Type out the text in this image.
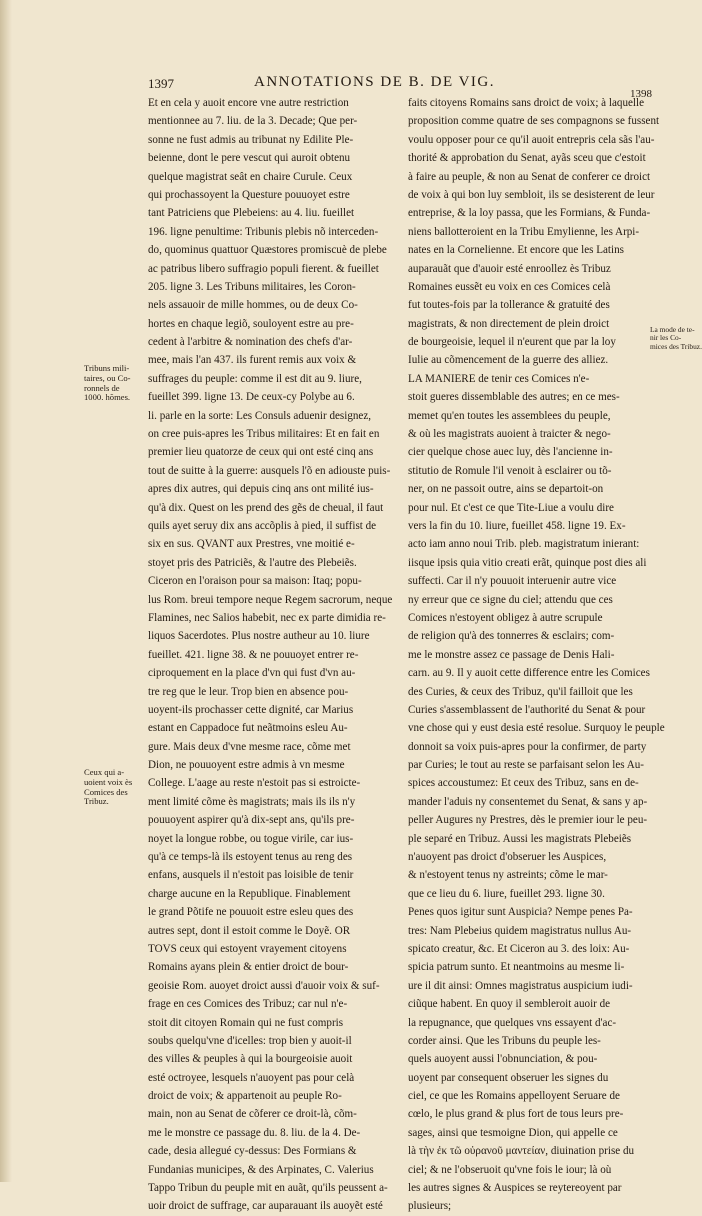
1397	ANNOTATIONS DE B. DE VIG.
1398
Tribuns mili-
taires, ou Co-
ronnels de
1000. hõmes.
Ceux qui a-
uoient voix ès
Comices des
Tribuz.
La mode de te-
nir les Co-
mices des Tribuz.
Et en cela y auoit encore vne autre restriction
mentionnee au 7. liu. de la 3. Decade; Que per-
sonne ne fust admis au tribunat ny Edilite Ple-
beienne, dont le pere vescut qui auroit obtenu
quelque magistrat seât en chaire Curule. Ceux
qui prochassoyent la Questure pouuoyet estre
tant Patriciens que Plebeiens: au 4. liu. fueillet
196. ligne penultime: Tribunis plebis nõ interceden-
do, quominus quattuor Quæstores promiscuè de plebe
ac patribus libero suffragio populi fierent. & fueillet
205. ligne 3. Les Tribuns militaires, les Coron-
nels assauoir de mille hommes, ou de deux Co-
hortes en chaque legiõ, souloyent estre au pre-
cedent à l'arbitre & nomination des chefs d'ar-
mee, mais l'an 437. ils furent remis aux voix &
suffrages du peuple: comme il est dit au 9. liure,
fueillet 399. ligne 13. De ceux-cy Polybe au 6.
li. parle en la sorte: Les Consuls aduenir designez,
on cree puis-apres les Tribus militaires: Et en fait en
premier lieu quatorze de ceux qui ont esté cinq ans
tout de suitte à la guerre: ausquels l'õ en adiouste puis-
apres dix autres, qui depuis cinq ans ont milité ius-
qu'à dix. Quest on les prend des gẽs de cheual, il faut
quils ayet seruy dix ans accõplis à pied, il suffist de
six en sus. QVANT aux Prestres, vne moitié e-
stoyet pris des Patriciẽs, & l'autre des Plebeiẽs.
Ciceron en l'oraison pour sa maison: Itaq; popu-
lus Rom. breui tempore neque Regem sacrorum, neque
Flamines, nec Salios habebit, nec ex parte dimidia re-
liquos Sacerdotes. Plus nostre autheur au 10. liure
fueillet. 421. ligne 38. & ne pouuoyet entrer re-
ciproquement en la place d'vn qui fust d'vn au-
tre reg que le leur. Trop bien en absence pou-
uoyent-ils prochasser cette dignité, car Marius
estant en Cappadoce fut neãtmoins esleu Au-
gure. Mais deux d'vne mesme race, cõme met
Dion, ne pouuoyent estre admis à vn mesme
College. L'aage au reste n'estoit pas si estroicte-
ment limité cõme ès magistrats; mais ils ils n'y
pouuoyent aspirer qu'à dix-sept ans, qu'ils pre-
noyet la longue robbe, ou togue virile, car ius-
qu'à ce temps-là ils estoyent tenus au reng des
enfans, ausquels il n'estoit pas loisible de tenir
charge aucune en la Republique. Finablement
le grand Põtife ne pouuoit estre esleu ques des
autres sept, dont il estoit comme le Doyẽ. OR
TOVS ceux qui estoyent vrayement citoyens
Romains ayans plein & entier droict de bour-
geoisie Rom. auoyet droict aussi d'auoir voix & suf-
frage en ces Comices des Tribuz; car nul n'e-
stoit dit citoyen Romain qui ne fust compris
soubs quelqu'vne d'icelles: trop bien y auoit-il
des villes & peuples à qui la bourgeoisie auoit
esté octroyee, lesquels n'auoyent pas pour celà
droict de voix; & appartenoit au peuple Ro-
main, non au Senat de cõferer ce droit-là, cõm-
me le monstre ce passage du. 8. liu. de la 4. De-
cade, desia allegué cy-dessus: Des Formians &
Fundanias municipes, & des Arpinates, C. Valerius
Tappo Tribun du peuple mit en auãt, qu'ils peussent a-
uoir droict de suffrage, car auparauant ils auoyẽt esté
faits citoyens Romains sans droict de voix; à laquelle
proposition comme quatre de ses compagnons se fussent
voulu opposer pour ce qu'il auoit entrepris cela sãs l'au-
thorité & approbation du Senat, ayãs sceu que c'estoit
à faire au peuple, & non au Senat de conferer ce droict
de voix à qui bon luy sembloit, ils se desisterent de leur
entreprise, & la loy passa, que les Formians, & Funda-
niens ballotteroient en la Tribu Emylienne, les Arpi-
nates en la Cornelienne. Et encore que les Latins
auparauãt que d'auoir esté enroollez ès Tribuz
Romaines eussẽt eu voix en ces Comices celà
fut toutes-fois par la tollerance & gratuité des
magistrats, & non directement de plein droict
de bourgeoisie, lequel il n'eurent que par la loy
Iulie au cõmencement de la guerre des alliez.
LA MANIERE de tenir ces Comices n'e-
stoit gueres dissemblable des autres; en ce mes-
memet qu'en toutes les assemblees du peuple,
& où les magistrats auoient à traicter & nego-
cier quelque chose auec luy, dès l'ancienne in-
stitutio de Romule l'il venoit à esclairer ou tõ-
ner, on ne passoit outre, ains se departoit-on
pour nul. Et c'est ce que Tite-Liue a voulu dire
vers la fin du 10. liure, fueillet 458. ligne 19. Ex-
acto iam anno noui Trib. pleb. magistratum inierant:
iisque ipsis quia vitio creati erãt, quinque post dies ali
suffecti. Car il n'y pouuoit interuenir autre vice
ny erreur que ce signe du ciel; attendu que ces
Comices n'estoyent obligez à autre scrupule
de religion qu'à des tonnerres & esclairs; com-
me le monstre assez ce passage de Denis Hali-
carn. au 9. Il y auoit cette difference entre les Comices
des Curies, & ceux des Tribuz, qu'il failloit que les
Curies s'assemblassent de l'authorité du Senat & pour
vne chose qui y eust desia esté resolue. Surquoy le peuple
donnoit sa voix puis-apres pour la confirmer, de party
par Curies; le tout au reste se parfaisant selon les Au-
spices accoustumez: Et ceux des Tribuz, sans en de-
mander l'aduis ny consentemet du Senat, & sans y ap-
peller Augures ny Prestres, dès le premier iour le peu-
ple separé en Tribuz. Aussi les magistrats Plebeiẽs
n'auoyent pas droict d'obseruer les Auspices,
& n'estoyent tenus ny astreints; cõme le mar-
que ce lieu du 6. liure, fueillet 293. ligne 30.
Penes quos igitur sunt Auspicia? Nempe penes Pa-
tres: Nam Plebeius quidem magistratus nullus Au-
spicato creatur, &c. Et Ciceron au 3. des loix: Au-
spicia patrum sunto. Et neantmoins au mesme li-
ure il dit ainsi: Omnes magistratus auspicium iudi-
ciũque habent. En quoy il sembleroit auoir de
la repugnance, que quelques vns essayent d'ac-
corder ainsi. Que les Tribuns du peuple les-
quels auoyent aussi l'obnunciation, & pou-
uoyent par consequent obseruer les signes du
ciel, ce que les Romains appelloyent Seruare de
cœlo, le plus grand & plus fort de tous leurs pre-
sages, ainsi que tesmoigne Dion, qui appelle ce
là τὴν ἐκ τῶ οὐρανοῦ μαντείαν, diuination prise du
ciel; & ne l'obseruoit qu'vne fois le iour; là où
les autres signes & Auspices se reytereoyent par
plusieurs;
